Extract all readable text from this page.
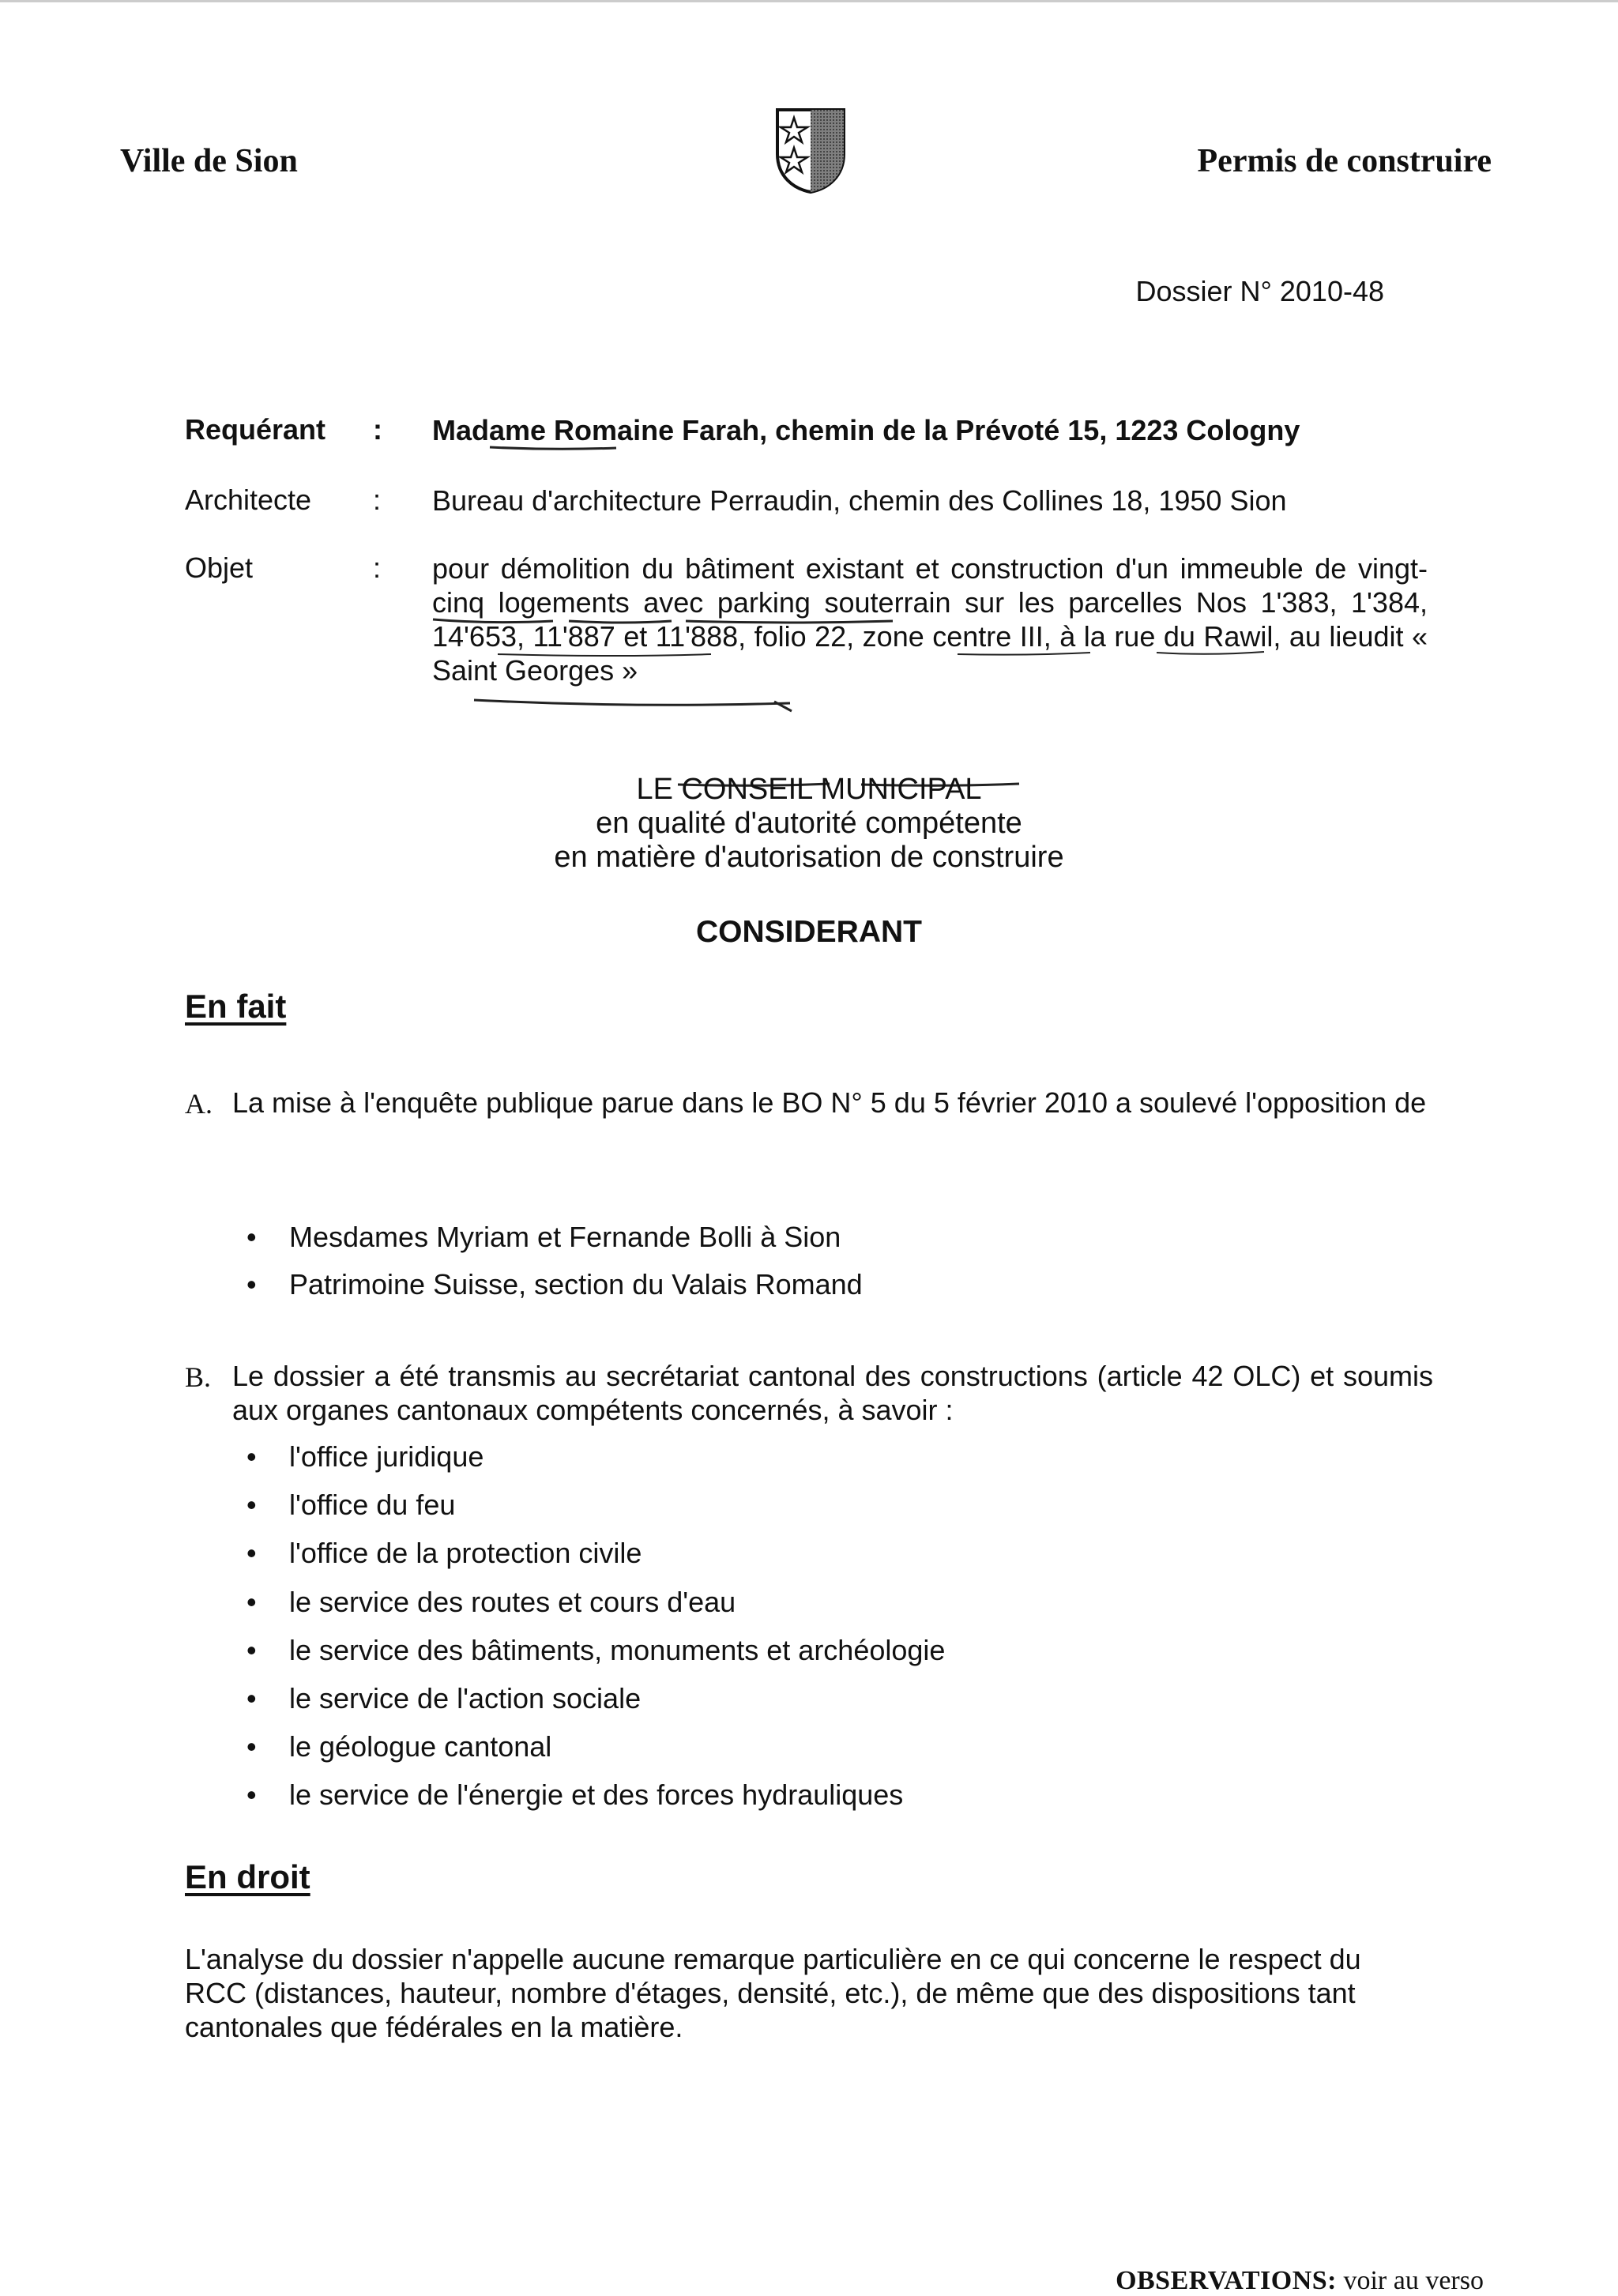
Ville de Sion	Permis de construire
Dossier N° 2010-48
Requérant : Madame Romaine Farah, chemin de la Prévoté 15, 1223 Cologny
Architecte : Bureau d'architecture Perraudin, chemin des Collines 18, 1950 Sion
Objet	: pour démolition du bâtiment existant et construction d'un immeuble de vingt-cinq logements avec parking souterrain sur les parcelles Nos 1'383, 1'384, 14'653, 11'887 et 11'888, folio 22, zone centre III, à la rue du Rawil, au lieudit « Saint Georges »
LE CONSEIL MUNICIPAL
en qualité d'autorité compétente
en matière d'autorisation de construire
CONSIDERANT
En fait
A. La mise à l'enquête publique parue dans le BO N° 5 du 5 février 2010 a soulevé l'opposition de
• Mesdames Myriam et Fernande Bolli à Sion
• Patrimoine Suisse, section du Valais Romand
B. Le dossier a été transmis au secrétariat cantonal des constructions (article 42 OLC) et soumis aux organes cantonaux compétents concernés, à savoir :
• l'office juridique
• l'office du feu
• l'office de la protection civile
• le service des routes et cours d'eau
• le service des bâtiments, monuments et archéologie
• le service de l'action sociale
• le géologue cantonal
• le service de l'énergie et des forces hydrauliques
En droit
L'analyse du dossier n'appelle aucune remarque particulière en ce qui concerne le respect du RCC (distances, hauteur, nombre d'étages, densité, etc.), de même que des dispositions tant cantonales que fédérales en la matière.
OBSERVATIONS: voir au verso
